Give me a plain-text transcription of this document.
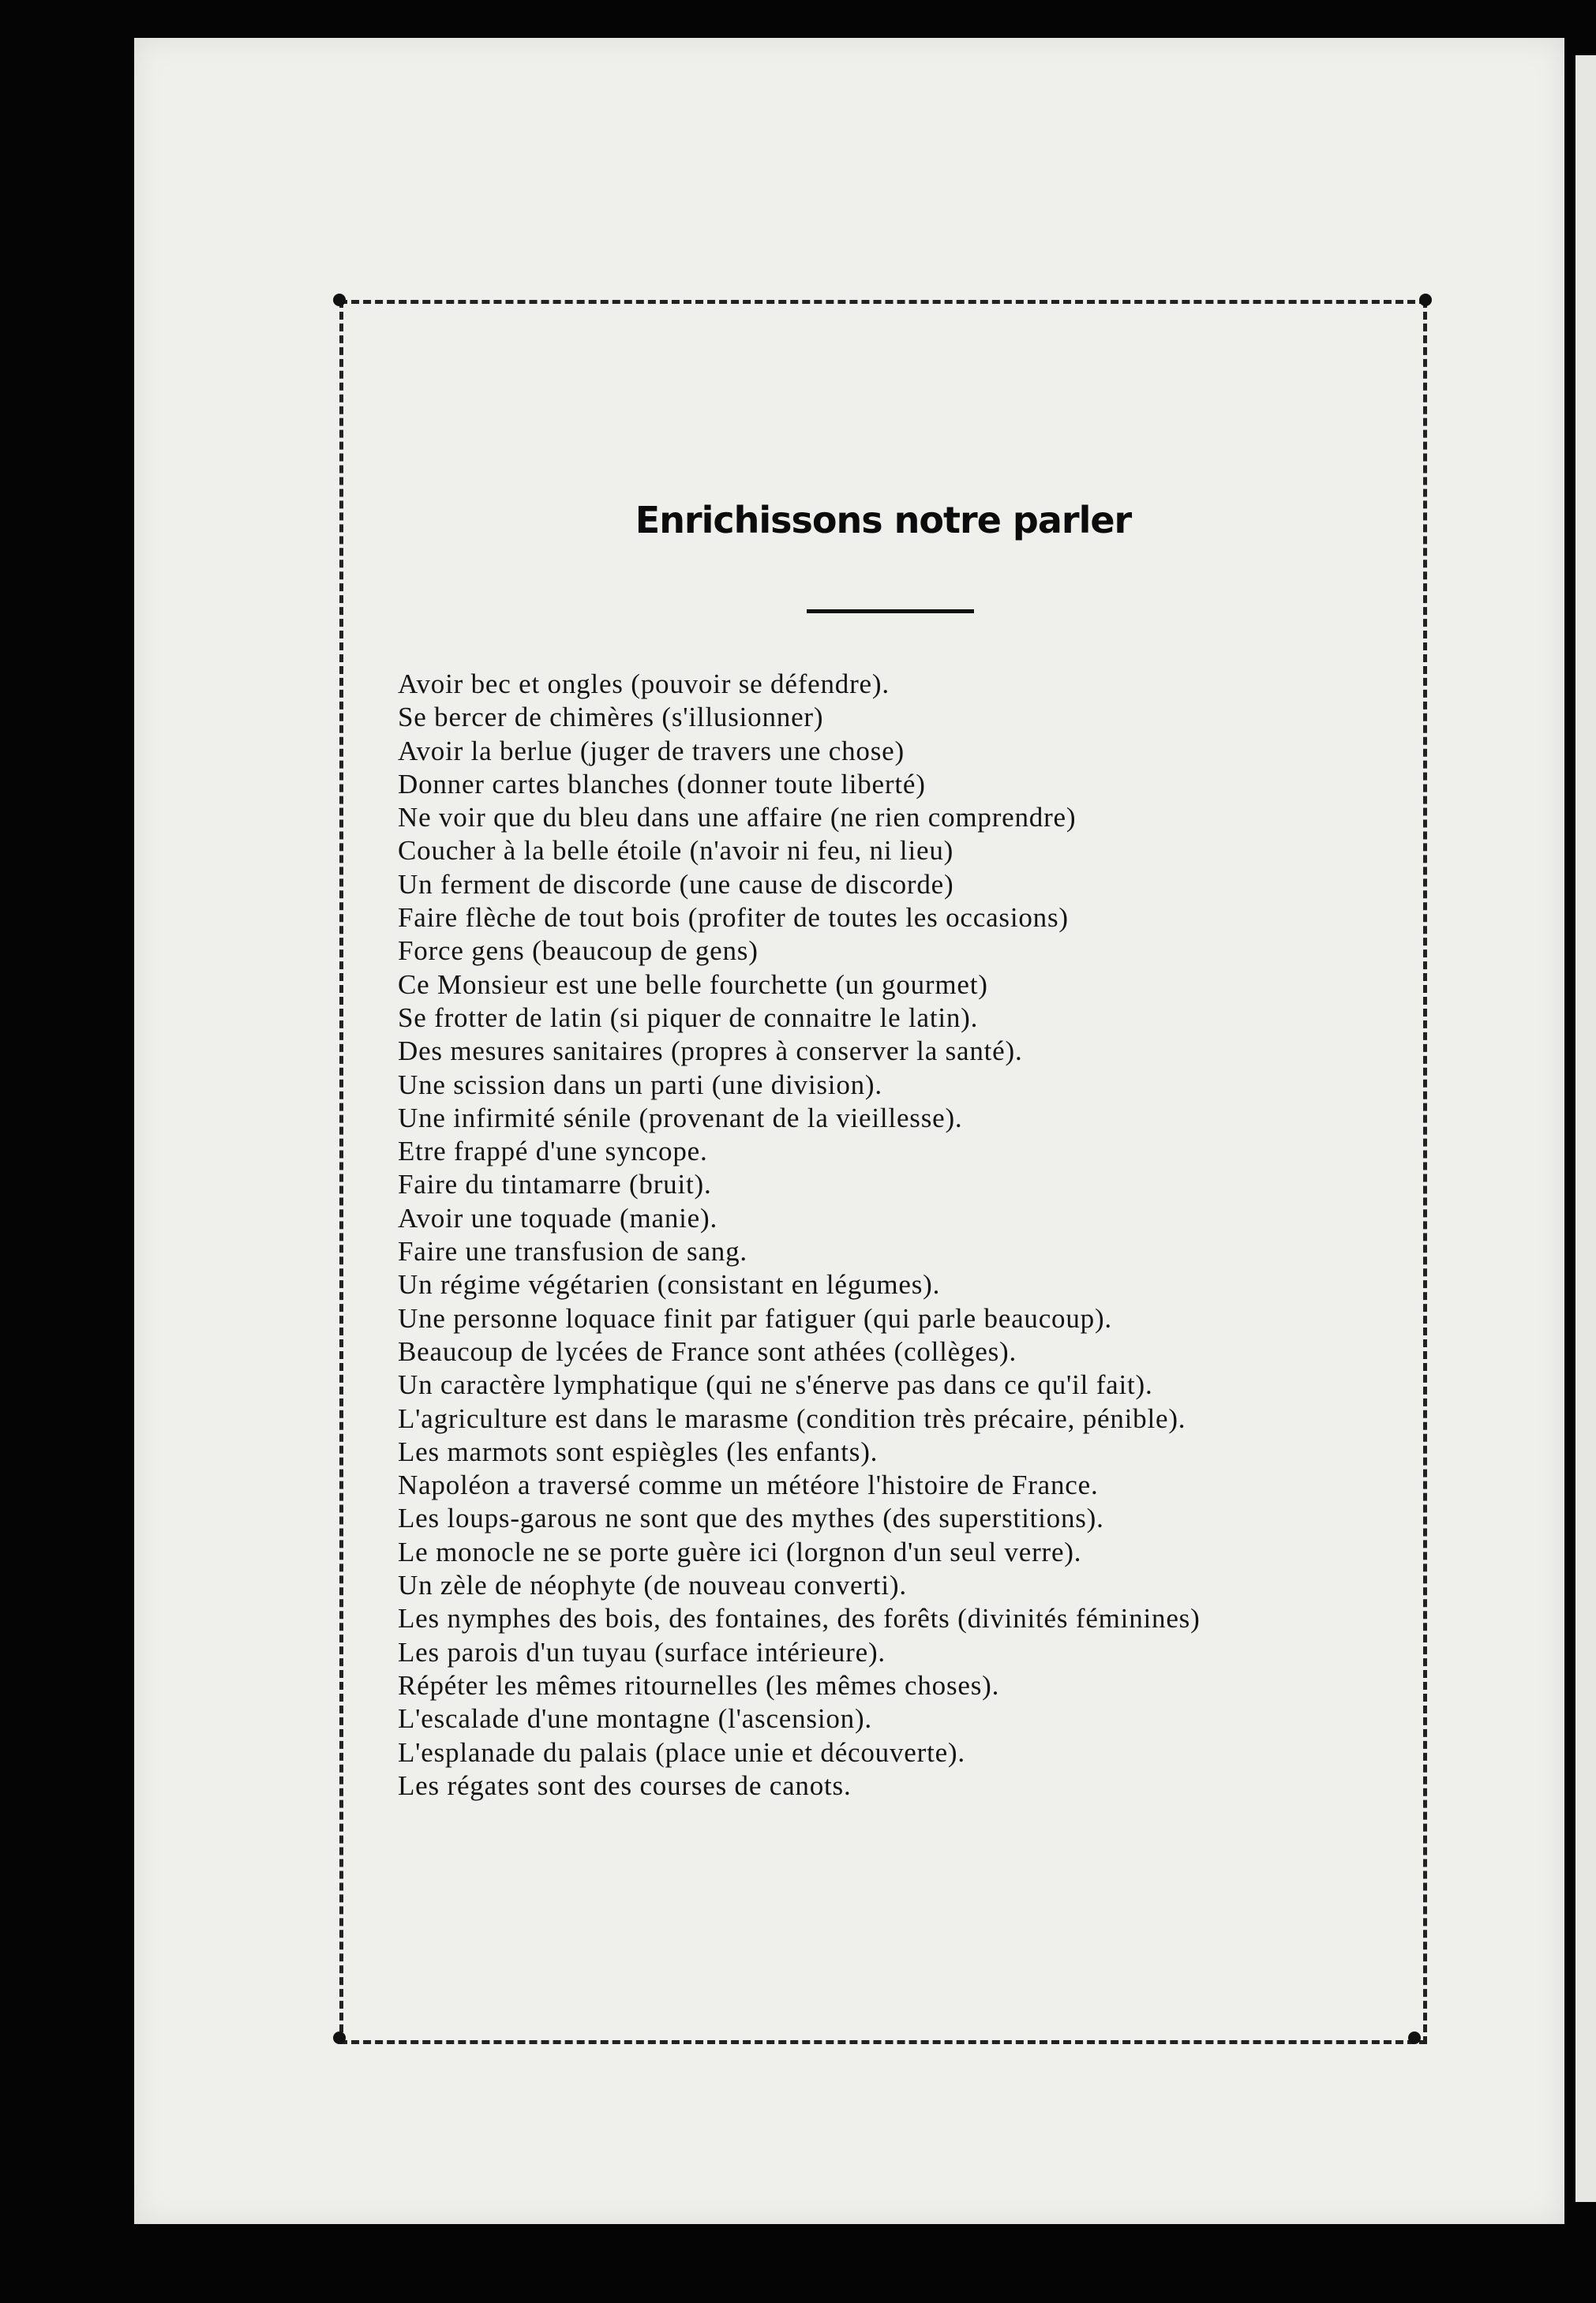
Enrichissons notre parler
Avoir bec et ongles (pouvoir se défendre).
Se bercer de chimères (s'illusionner)
Avoir la berlue (juger de travers une chose)
Donner cartes blanches (donner toute liberté)
Ne voir que du bleu dans une affaire (ne rien comprendre)
Coucher à la belle étoile (n'avoir ni feu, ni lieu)
Un ferment de discorde (une cause de discorde)
Faire flèche de tout bois (profiter de toutes les occasions)
Force gens (beaucoup de gens)
Ce Monsieur est une belle fourchette (un gourmet)
Se frotter de latin (si piquer de connaitre le latin).
Des mesures sanitaires (propres à conserver la santé).
Une scission dans un parti (une division).
Une infirmité sénile (provenant de la vieillesse).
Etre frappé d'une syncope.
Faire du tintamarre (bruit).
Avoir une toquade (manie).
Faire une transfusion de sang.
Un régime végétarien (consistant en légumes).
Une personne loquace finit par fatiguer (qui parle beaucoup).
Beaucoup de lycées de France sont athées (collèges).
Un caractère lymphatique (qui ne s'énerve pas dans ce qu'il fait).
L'agriculture est dans le marasme (condition très précaire, pénible).
Les marmots sont espiègles (les enfants).
Napoléon a traversé comme un météore l'histoire de France.
Les loups-garous ne sont que des mythes (des superstitions).
Le monocle ne se porte guère ici (lorgnon d'un seul verre).
Un zèle de néophyte (de nouveau converti).
Les nymphes des bois, des fontaines, des forêts (divinités féminines)
Les parois d'un tuyau (surface intérieure).
Répéter les mêmes ritournelles (les mêmes choses).
L'escalade d'une montagne (l'ascension).
L'esplanade du palais (place unie et découverte).
Les régates sont des courses de canots.
